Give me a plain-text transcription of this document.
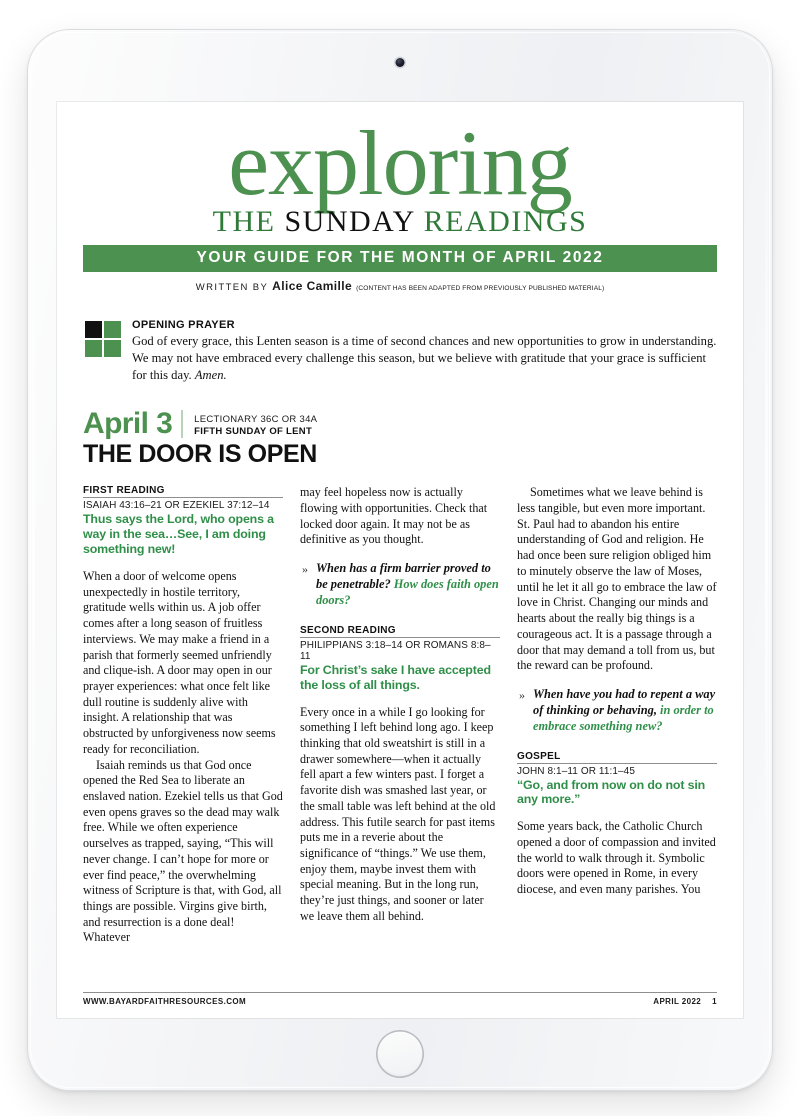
exploring
THE SUNDAY READINGS
YOUR GUIDE FOR THE MONTH OF APRIL 2022
WRITTEN BY Alice Camille (CONTENT HAS BEEN ADAPTED FROM PREVIOUSLY PUBLISHED MATERIAL)
OPENING PRAYER
God of every grace, this Lenten season is a time of second chances and new opportunities to grow in understanding. We may not have embraced every challenge this season, but we believe with gratitude that your grace is sufficient for this day. Amen.
April 3 LECTIONARY 36C OR 34A
FIFTH SUNDAY OF LENT
THE DOOR IS OPEN
FIRST READING
ISAIAH 43:16–21 OR EZEKIEL 37:12–14
Thus says the Lord, who opens a way in the sea…See, I am doing something new!

When a door of welcome opens unexpectedly in hostile territory, gratitude wells within us. A job offer comes after a long season of fruitless interviews. We may make a friend in a parish that formerly seemed unfriendly and clique-ish. A door may open in our prayer experiences: what once felt like dull routine is suddenly alive with insight. A relationship that was obstructed by unforgiveness now seems ready for reconciliation.

Isaiah reminds us that God once opened the Red Sea to liberate an enslaved nation. Ezekiel tells us that God even opens graves so the dead may walk free. While we often experience ourselves as trapped, saying, “This will never change. I can’t hope for more or ever find peace,” the overwhelming witness of Scripture is that, with God, all things are possible. Virgins give birth, and resurrection is a done deal! Whatever

may feel hopeless now is actually flowing with opportunities. Check that locked door again. It may not be as definitive as you thought.

» When has a firm barrier proved to be penetrable? How does faith open doors?
SECOND READING
PHILIPPIANS 3:18–14 OR ROMANS 8:8–11
For Christ’s sake I have accepted the loss of all things.

Every once in a while I go looking for something I left behind long ago. I keep thinking that old sweatshirt is still in a drawer somewhere—when it actually fell apart a few winters past. I forget a favorite dish was smashed last year, or the small table was left behind at the old address. This futile search for past items puts me in a reverie about the significance of “things.” We use them, enjoy them, maybe invest them with special meaning. But in the long run, they’re just things, and sooner or later we leave them all behind.

Sometimes what we leave behind is less tangible, but even more important. St. Paul had to abandon his entire understanding of God and religion. He had once been sure religion obliged him to minutely observe the law of Moses, until he let it all go to embrace the law of love in Christ. Changing our minds and hearts about the really big things is a courageous act. It is a passage through a door that may demand a toll from us, but the reward can be profound.

» When have you had to repent a way of thinking or behaving, in order to embrace something new?
GOSPEL
JOHN 8:1–11 OR 11:1–45
“Go, and from now on do not sin any more.”

Some years back, the Catholic Church opened a door of compassion and invited the world to walk through it. Symbolic doors were opened in Rome, in every diocese, and even many parishes. You

WWW.BAYARDFAITHRESOURCES.COM	APRIL 2022 1
